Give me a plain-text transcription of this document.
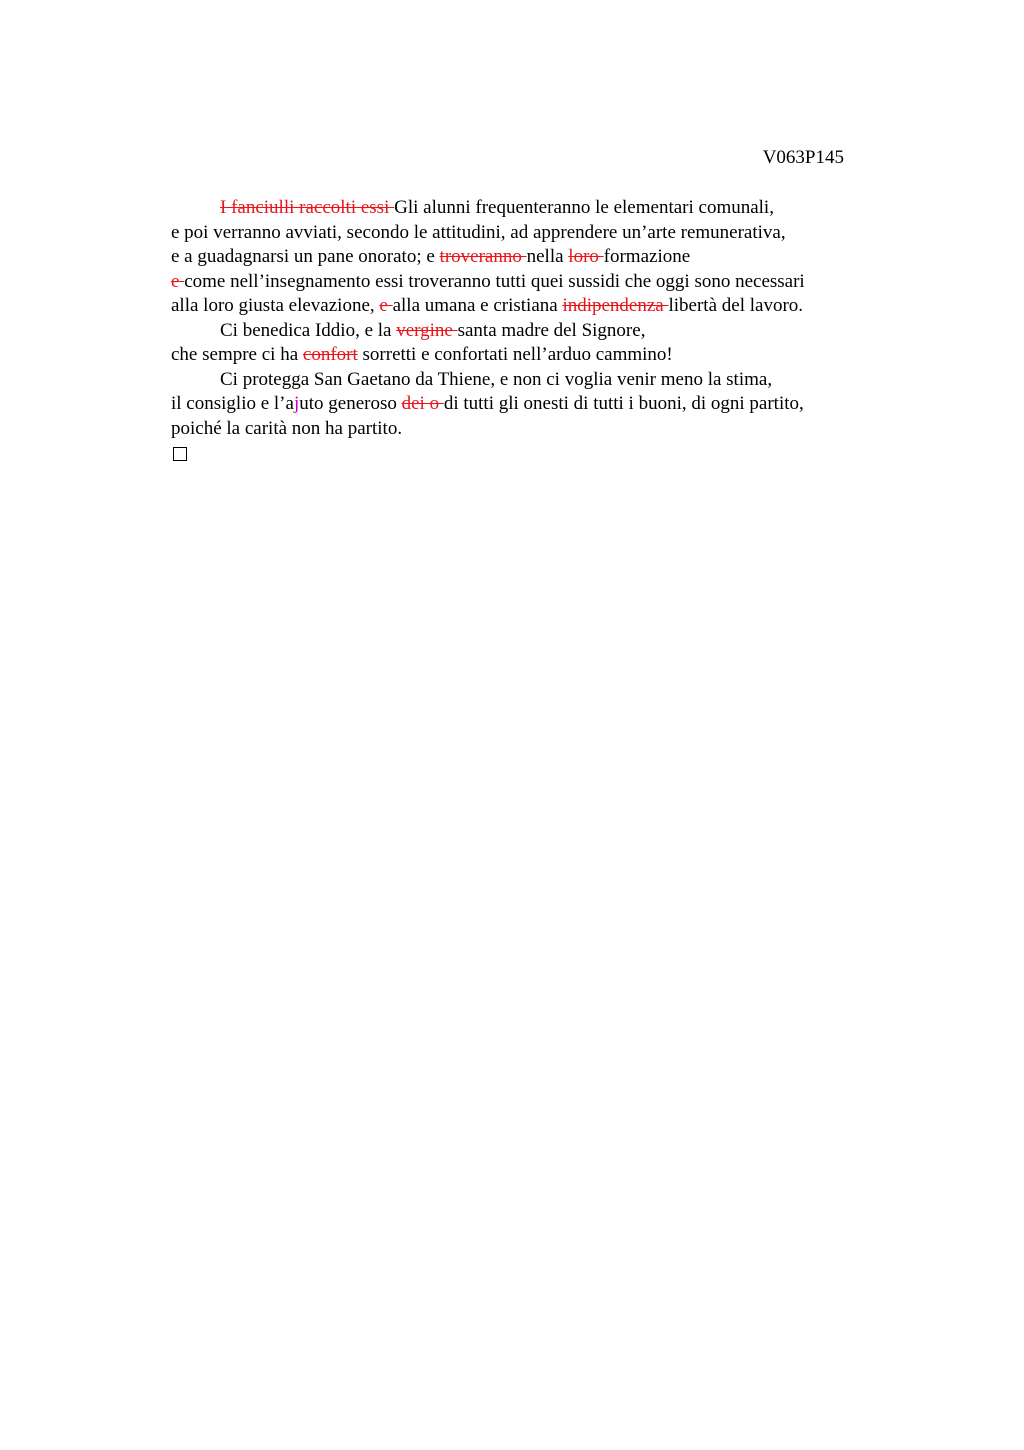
V063P145
I fanciulli raccolti essi Gli alunni frequenteranno le elementari comunali,
e poi verranno avviati, secondo le attitudini, ad apprendere un’arte remunerativa,
e a guadagnarsi un pane onorato; e troveranno nella loro formazione
e come nell’insegnamento essi troveranno tutti quei sussidi che oggi sono necessari
alla loro giusta elevazione, e alla umana e cristiana indipendenza libertà del lavoro.
Ci benedica Iddio, e la vergine santa madre del Signore,
che sempre ci ha confort sorretti e confortati nell’arduo cammino!
Ci protegga San Gaetano da Thiene, e non ci voglia venir meno la stima,
il consiglio e l’ajuto generoso dei o di tutti gli onesti di tutti i buoni, di ogni partito,
poiché la carità non ha partito.
